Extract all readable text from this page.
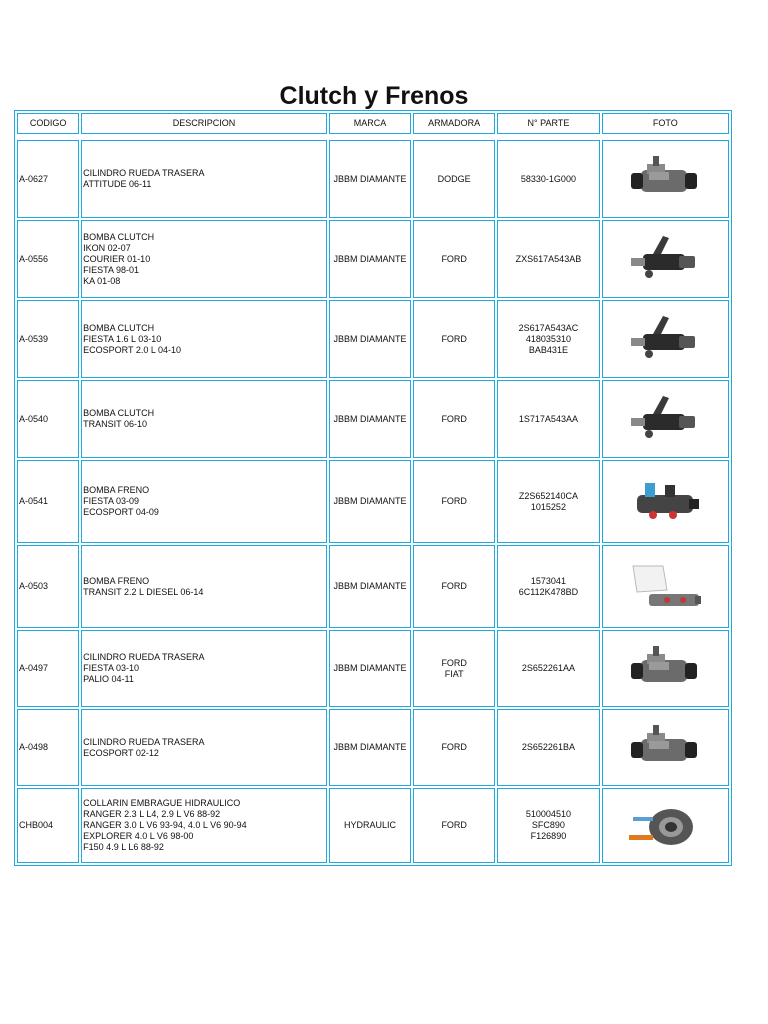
Clutch y Frenos
CODIGO	DESCRIPCION	MARCA	ARMADORA	N° PARTE	FOTO

A-0627	CILINDRO RUEDA TRASERA
ATTITUDE 06-11	JBBM DIAMANTE	DODGE	58330-1G000

A-0556	BOMBA CLUTCH
IKON 02-07
COURIER 01-10
FIESTA 98-01
KA 01-08	JBBM DIAMANTE	FORD	ZXS617A543AB

A-0539	BOMBA CLUTCH
FIESTA 1.6 L 03-10
ECOSPORT 2.0 L 04-10	JBBM DIAMANTE	FORD	2S617A543AC
418035310
BAB431E

A-0540	BOMBA CLUTCH
TRANSIT 06-10	JBBM DIAMANTE	FORD	1S717A543AA

A-0541	BOMBA FRENO
FIESTA 03-09
ECOSPORT 04-09	JBBM DIAMANTE	FORD	Z2S652140CA
1015252

A-0503	BOMBA FRENO
TRANSIT 2.2 L DIESEL 06-14	JBBM DIAMANTE	FORD	1573041
6C112K478BD

A-0497	CILINDRO RUEDA TRASERA
FIESTA 03-10
PALIO 04-11	JBBM DIAMANTE	FORD
FIAT	2S652261AA

A-0498	CILINDRO RUEDA TRASERA
ECOSPORT 02-12	JBBM DIAMANTE	FORD	2S652261BA

CHB004	COLLARIN EMBRAGUE HIDRAULICO
RANGER 2.3 L L4, 2.9 L V6 88-92
RANGER 3.0 L V6 93-94, 4.0 L V6 90-94
EXPLORER 4.0 L V6 98-00
F150 4.9 L L6 88-92	HYDRAULIC	FORD	510004510
SFC890
F126890
